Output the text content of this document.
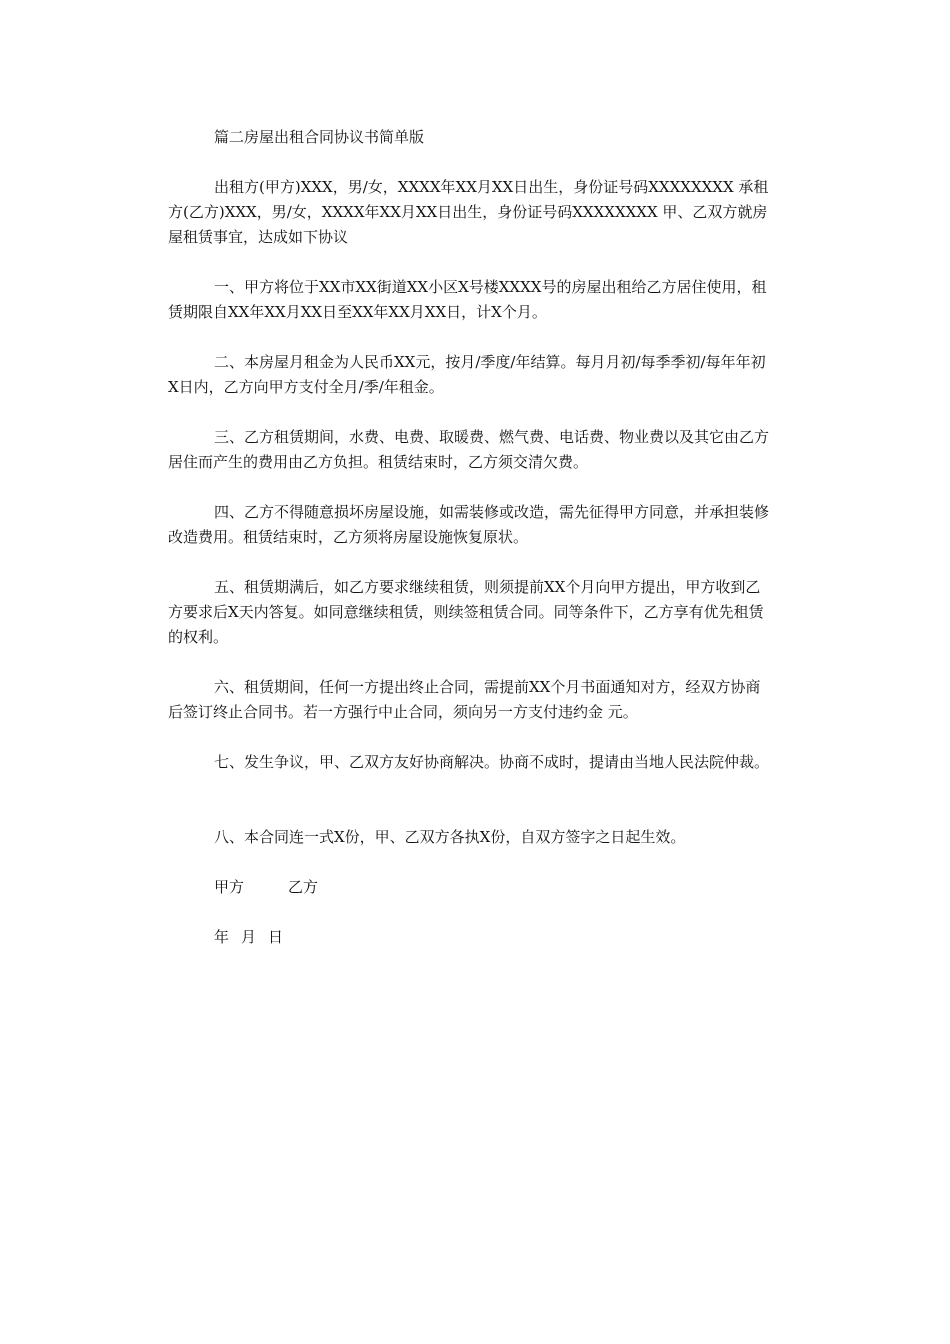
篇二房屋出租合同协议书简单版

出租方(甲方)XXX，男/女，XXXX年XX月XX日出生，身份证号码XXXXXXXX 承租方(乙方)XXX，男/女，XXXX年XX月XX日出生，身份证号码XXXXXXXX 甲、乙双方就房屋租赁事宜，达成如下协议

一、甲方将位于XX市XX街道XX小区X号楼XXXX号的房屋出租给乙方居住使用，租赁期限自XX年XX月XX日至XX年XX月XX日，计X个月。

二、本房屋月租金为人民币XX元，按月/季度/年结算。每月月初/每季季初/每年年初X日内，乙方向甲方支付全月/季/年租金。

三、乙方租赁期间，水费、电费、取暖费、燃气费、电话费、物业费以及其它由乙方居住而产生的费用由乙方负担。租赁结束时，乙方须交清欠费。

四、乙方不得随意损坏房屋设施，如需装修或改造，需先征得甲方同意，并承担装修改造费用。租赁结束时，乙方须将房屋设施恢复原状。

五、租赁期满后，如乙方要求继续租赁，则须提前XX个月向甲方提出，甲方收到乙方要求后X天内答复。如同意继续租赁，则续签租赁合同。同等条件下，乙方享有优先租赁的权利。

六、租赁期间，任何一方提出终止合同，需提前XX个月书面通知对方，经双方协商后签订终止合同书。若一方强行中止合同，须向另一方支付违约金 元。

七、发生争议，甲、乙双方友好协商解决。协商不成时，提请由当地人民法院仲裁。

八、本合同连一式X份，甲、乙双方各执X份，自双方签字之日起生效。

甲方	乙方
年 月 日
